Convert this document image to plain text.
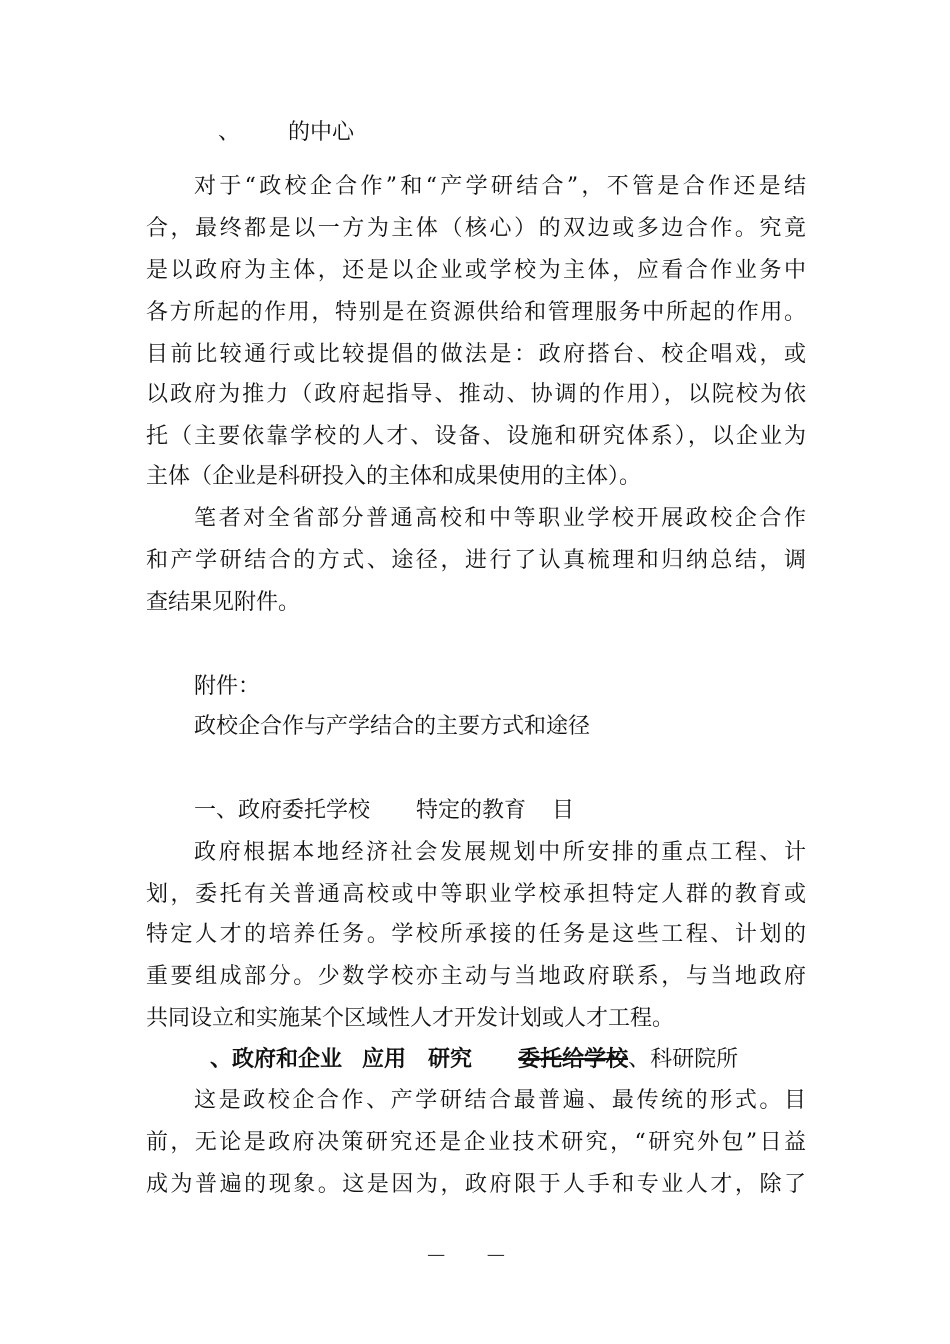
、 的中心
对于“政校企合作”和“产学研结合”，不管是合作还是结
合，最终都是以一方为主体（核心）的双边或多边合作。究竟
是以政府为主体，还是以企业或学校为主体，应看合作业务中
各方所起的作用，特别是在资源供给和管理服务中所起的作用。
目前比较通行或比较提倡的做法是：政府搭台、校企唱戏，或
以政府为推力（政府起指导、推动、协调的作用），以院校为依
托（主要依靠学校的人才、设备、设施和研究体系），以企业为
主体（企业是科研投入的主体和成果使用的主体）。
笔者对全省部分普通高校和中等职业学校开展政校企合作
和产学研结合的方式、途径，进行了认真梳理和归纳总结，调
查结果见附件。
附件：
政校企合作与产学结合的主要方式和途径
一、政府委托学校 特定的教育 目
政府根据本地经济社会发展规划中所安排的重点工程、计
划，委托有关普通高校或中等职业学校承担特定人群的教育或
特定人才的培养任务。学校所承接的任务是这些工程、计划的
重要组成部分。少数学校亦主动与当地政府联系，与当地政府
共同设立和实施某个区域性人才开发计划或人才工程。
、政府和企业 应用 研究 委托给学校、科研院所
这是政校企合作、产学研结合最普遍、最传统的形式。目
前，无论是政府决策研究还是企业技术研究，“研究外包”日益
成为普遍的现象。这是因为，政府限于人手和专业人才，除了
— —
